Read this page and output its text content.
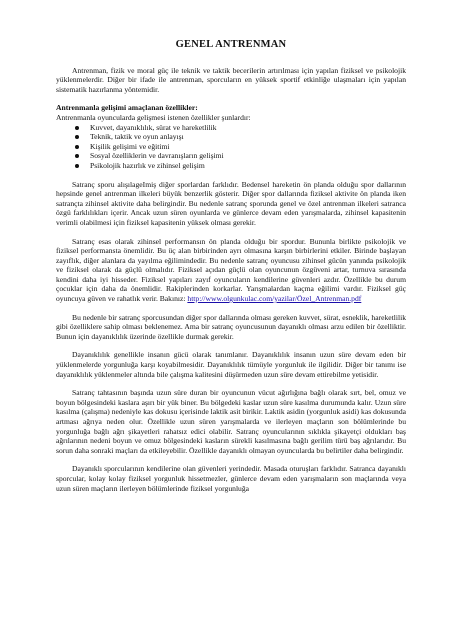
GENEL ANTRENMAN

Antrenman, fizik ve moral güç ile teknik ve taktik becerilerin artırılması için yapılan fiziksel ve psikolojik yüklenmelerdir. Diğer bir ifade ile antrenman, sporcuların en yüksek sportif etkinliğe ulaşmaları için yapılan sistematik hazırlanma yöntemidir.

Antrenmanla gelişimi amaçlanan özellikler:
Antrenmanla oyuncularda gelişmesi istenen özellikler şunlardır:
Kuvvet, dayanıklılık, sürat ve hareketlilik
Teknik, taktik ve oyun anlayışı
Kişilik gelişimi ve eğitimi
Sosyal özelliklerin ve davranışların gelişimi
Psikolojik hazırlık ve zihinsel gelişim

Satranç sporu alışılageImiş diğer sporlardan farklıdır. Bedensel hareketin ön planda olduğu spor dallarının hepsinde genel antrenman ilkeleri büyük benzerlik gösterir. Diğer spor dallarında fiziksel aktivite ön planda iken satrançta zihinsel aktivite daha belirgindir. Bu nedenle satranç sporunda genel ve özel antrenman ilkeleri satranca özgü farklılıkları içerir. Ancak uzun süren oyunlarda ve günlerce devam eden yarışmalarda, zihinsel kapasitenin verimli olabilmesi için fiziksel kapasitenin yüksek olması gerekir.

Satranç esas olarak zihinsel performansın ön planda olduğu bir spordur. Bununla birlikte psikolojik ve fiziksel performansta önemlidir. Bu üç alan birbirinden ayrı olmasına karşın birbirlerini etkiler. Birinde başlayan zayıflık, diğer alanlara da yayılma eğilimindedir. Bu nedenle satranç oyuncusu zihinsel gücün yanında psikolojik ve fiziksel olarak da güçlü olmalıdır. Fiziksel açıdan güçlü olan oyuncunun özgüveni artar, turnuva sırasında kendini daha iyi hisseder. Fiziksel yapıları zayıf oyuncuların kendilerine güvenleri azdır. Özellikle bu durum çocuklar için daha da önemlidir. Rakiplerinden korkarlar. Yarışmalardan kaçma eğilimi vardır. Fiziksel güç oyuncuya güven ve rahatlık verir. Bakınız: http://www.olgunkulac.com/yazilar/Özel_Antrenman.pdf

Bu nedenle bir satranç sporcusundan diğer spor dallarında olması gereken kuvvet, sürat, esneklik, hareketlilik gibi özelliklere sahip olması beklenemez. Ama bir satranç oyuncusunun dayanıklı olması arzu edilen bir özelliktir. Bunun için dayanıklılık üzerinde özellikle durmak gerekir.

Dayanıklılık genellikle insanın gücü olarak tanımlanır. Dayanıklılık insanın uzun süre devam eden bir yüklenmelerde yorgunluğa karşı koyabilmesidir. Dayanıklılık tümüyle yorgunluk ile ilgilidir. Diğer bir tanımı ise dayanıklılık yüklenmeler altında bile çalışma kalitesini düşürmeden uzun süre devam ettirebilme yetisidir.

Satranç tahtasının başında uzun süre duran bir oyuncunun vücut ağırlığına bağlı olarak sırt, bel, omuz ve boyun bölgesindeki kaslara aşırı bir yük biner. Bu bölgedeki kaslar uzun süre kasılma durumunda kalır. Uzun süre kasılma (çalışma) nedeniyle kas dokusu içerisinde laktik asit birikir. Laktik asidin (yorgunluk asidi) kas dokusunda artması ağrıya neden olur. Özellikle uzun süren yarışmalarda ve ilerleyen maçların son bölümlerinde bu yorgunluğa bağlı ağrı şikayetleri rahatsız edici olabilir. Satranç oyuncularının sıklıkla şikayetçi oldukları baş ağrılarının nedeni boyun ve omuz bölgesindeki kasların sürekli kasılmasına bağlı gerilim türü baş ağrılarıdır. Bu sorun daha sonraki maçları da etkileyebilir. Özellikle dayanıklı olmayan oyuncularda bu belirtiler daha belirgindir.

Dayanıklı sporcularının kendilerine olan güvenleri yerindedir. Masada oturuşları farklıdır. Satranca dayanıklı sporcular, kolay kolay fiziksel yorgunluk hissetmezler, günlerce devam eden yarışmaların son maçlarında veya uzun süren maçların ilerleyen bölümlerinde fiziksel yorgunluğa
